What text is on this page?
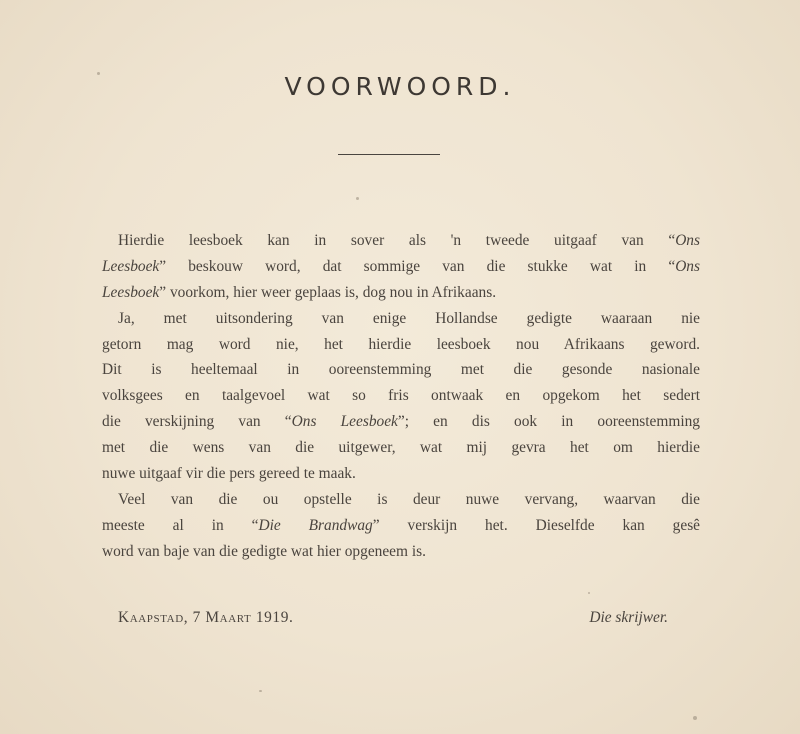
VOORWOORD.
Hierdie leesboek kan in sover als 'n tweede uitgaaf van “Ons
Leesboek” beskouw word, dat sommige van die stukke wat in “Ons
Leesboek” voorkom, hier weer geplaas is, dog nou in Afrikaans.
Ja, met uitsondering van enige Hollandse gedigte waaraan nie
getorn mag word nie, het hierdie leesboek nou Afrikaans geword.
Dit is heeltemaal in ooreenstemming met die gesonde nasionale
volksgees en taalgevoel wat so fris ontwaak en opgekom het sedert
die verskijning van “Ons Leesboek”; en dis ook in ooreenstemming
met die wens van die uitgewer, wat mij gevra het om hierdie
nuwe uitgaaf vir die pers gereed te maak.
Veel van die ou opstelle is deur nuwe vervang, waarvan die
meeste al in “Die Brandwag” verskijn het. Dieselfde kan gesê
word van baje van die gedigte wat hier opgeneem is.
Kaapstad, 7 Maart 1919.	Die skrijwer.
